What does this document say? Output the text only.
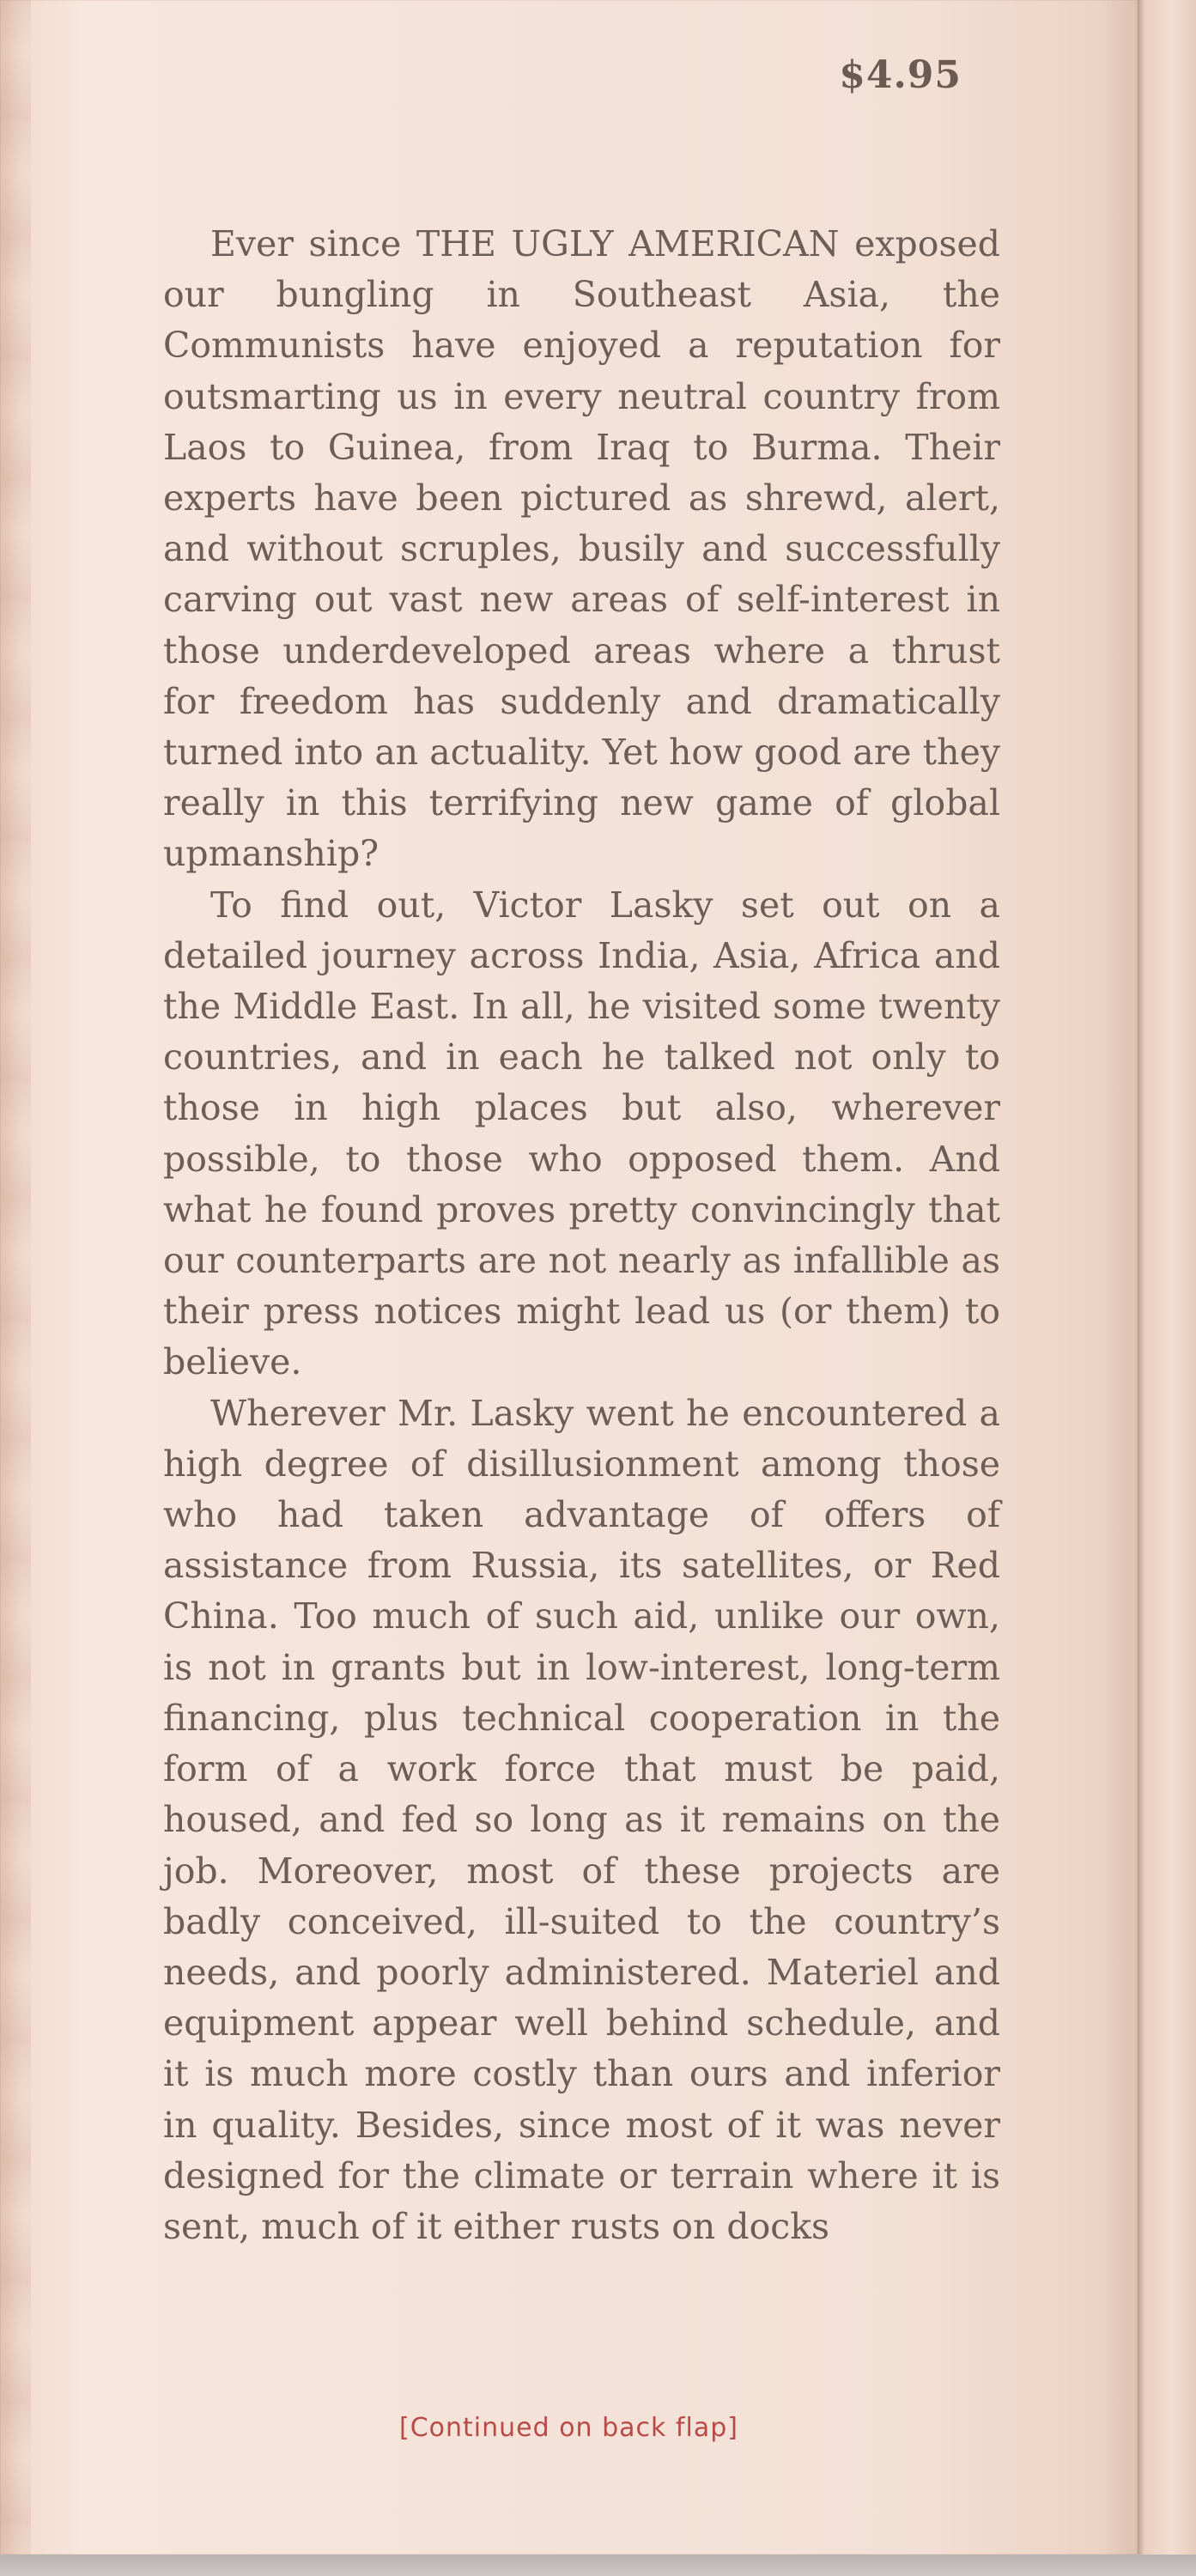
$4.95

Ever since THE UGLY AMERICAN exposed our bungling in Southeast Asia, the Communists have enjoyed a reputation for outsmarting us in every neutral country from Laos to Guinea, from Iraq to Burma. Their experts have been pictured as shrewd, alert, and without scruples, busily and successfully carving out vast new areas of self-interest in those underdeveloped areas where a thrust for freedom has suddenly and dramatically turned into an actuality. Yet how good are they really in this terrifying new game of global upmanship?

To find out, Victor Lasky set out on a detailed journey across India, Asia, Africa and the Middle East. In all, he visited some twenty countries, and in each he talked not only to those in high places but also, wherever possible, to those who opposed them. And what he found proves pretty convincingly that our counterparts are not nearly as infallible as their press notices might lead us (or them) to believe.

Wherever Mr. Lasky went he encountered a high degree of disillusionment among those who had taken advantage of offers of assistance from Russia, its satellites, or Red China. Too much of such aid, unlike our own, is not in grants but in low-interest, long-term financing, plus technical cooperation in the form of a work force that must be paid, housed, and fed so long as it remains on the job. Moreover, most of these projects are badly conceived, ill-suited to the country’s needs, and poorly administered. Materiel and equipment appear well behind schedule, and it is much more costly than ours and inferior in quality. Besides, since most of it was never designed for the climate or terrain where it is sent, much of it either rusts on docks

[Continued on back flap]
